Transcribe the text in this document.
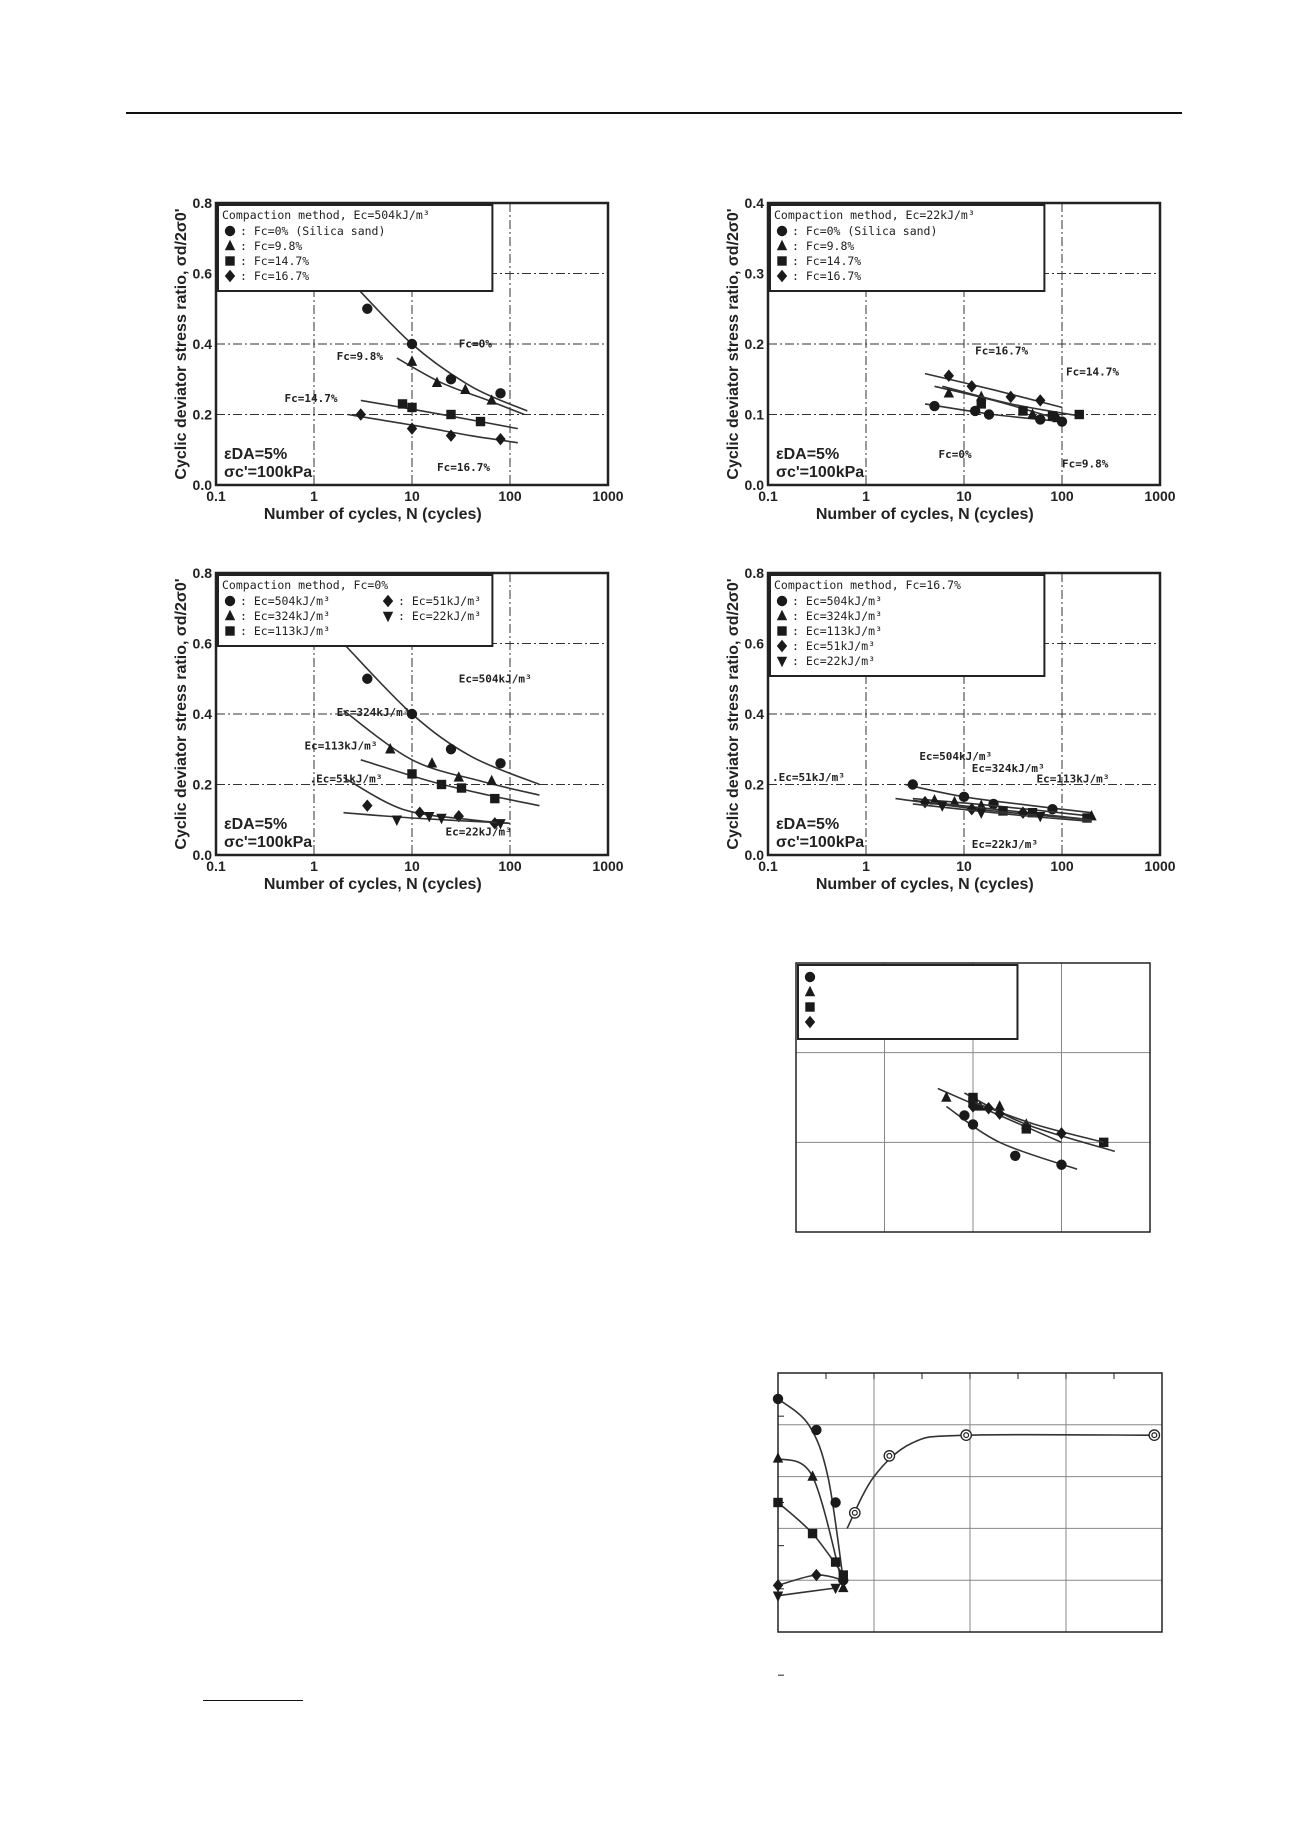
0.1	1	10	100	1000
0.0
0.2
0.4
0.6
0.8
Number of cycles, N (cycles)
Cyclic deviator stress ratio, σd/2σ0'	Fc=0%
Fc=9.8%
Fc=14.7%
Fc=16.7%
εDA=5%
σc'=100kPa
Compaction method, Ec=504kJ/m³
: Fc=0% (Silica sand)
: Fc=9.8%
: Fc=14.7%
: Fc=16.7%
0.1	1	10	100	1000
0.0
0.1
0.2
0.3
0.4
Number of cycles, N (cycles)
Cyclic deviator stress ratio, σd/2σ0'	Fc=16.7%
Fc=14.7%
Fc=0%
Fc=9.8%
εDA=5%
σc'=100kPa
Compaction method, Ec=22kJ/m³
: Fc=0% (Silica sand)
: Fc=9.8%
: Fc=14.7%
: Fc=16.7%
0.1	1	10	100	1000
0.0
0.2
0.4
0.6
0.8
Number of cycles, N (cycles)
Cyclic deviator stress ratio, σd/2σ0'	Ec=504kJ/m³
Ec=324kJ/m³
Ec=113kJ/m³
.Ec=51kJ/m³
Ec=22kJ/m³
εDA=5%
σc'=100kPa
Compaction method, Fc=0%
: Ec=504kJ/m³
: Ec=324kJ/m³
: Ec=113kJ/m³
: Ec=51kJ/m³
: Ec=22kJ/m³
0.1	1	10	100	1000
0.0
0.2
0.4
0.6
0.8
Number of cycles, N (cycles)
Cyclic deviator stress ratio, σd/2σ0'	.Ec=51kJ/m³
Ec=504kJ/m³
Ec=324kJ/m³
Ec=113kJ/m³
Ec=22kJ/m³
εDA=5%
σc'=100kPa
Compaction method, Fc=16.7%
: Ec=504kJ/m³
: Ec=324kJ/m³
: Ec=113kJ/m³
: Ec=51kJ/m³
: Ec=22kJ/m³
